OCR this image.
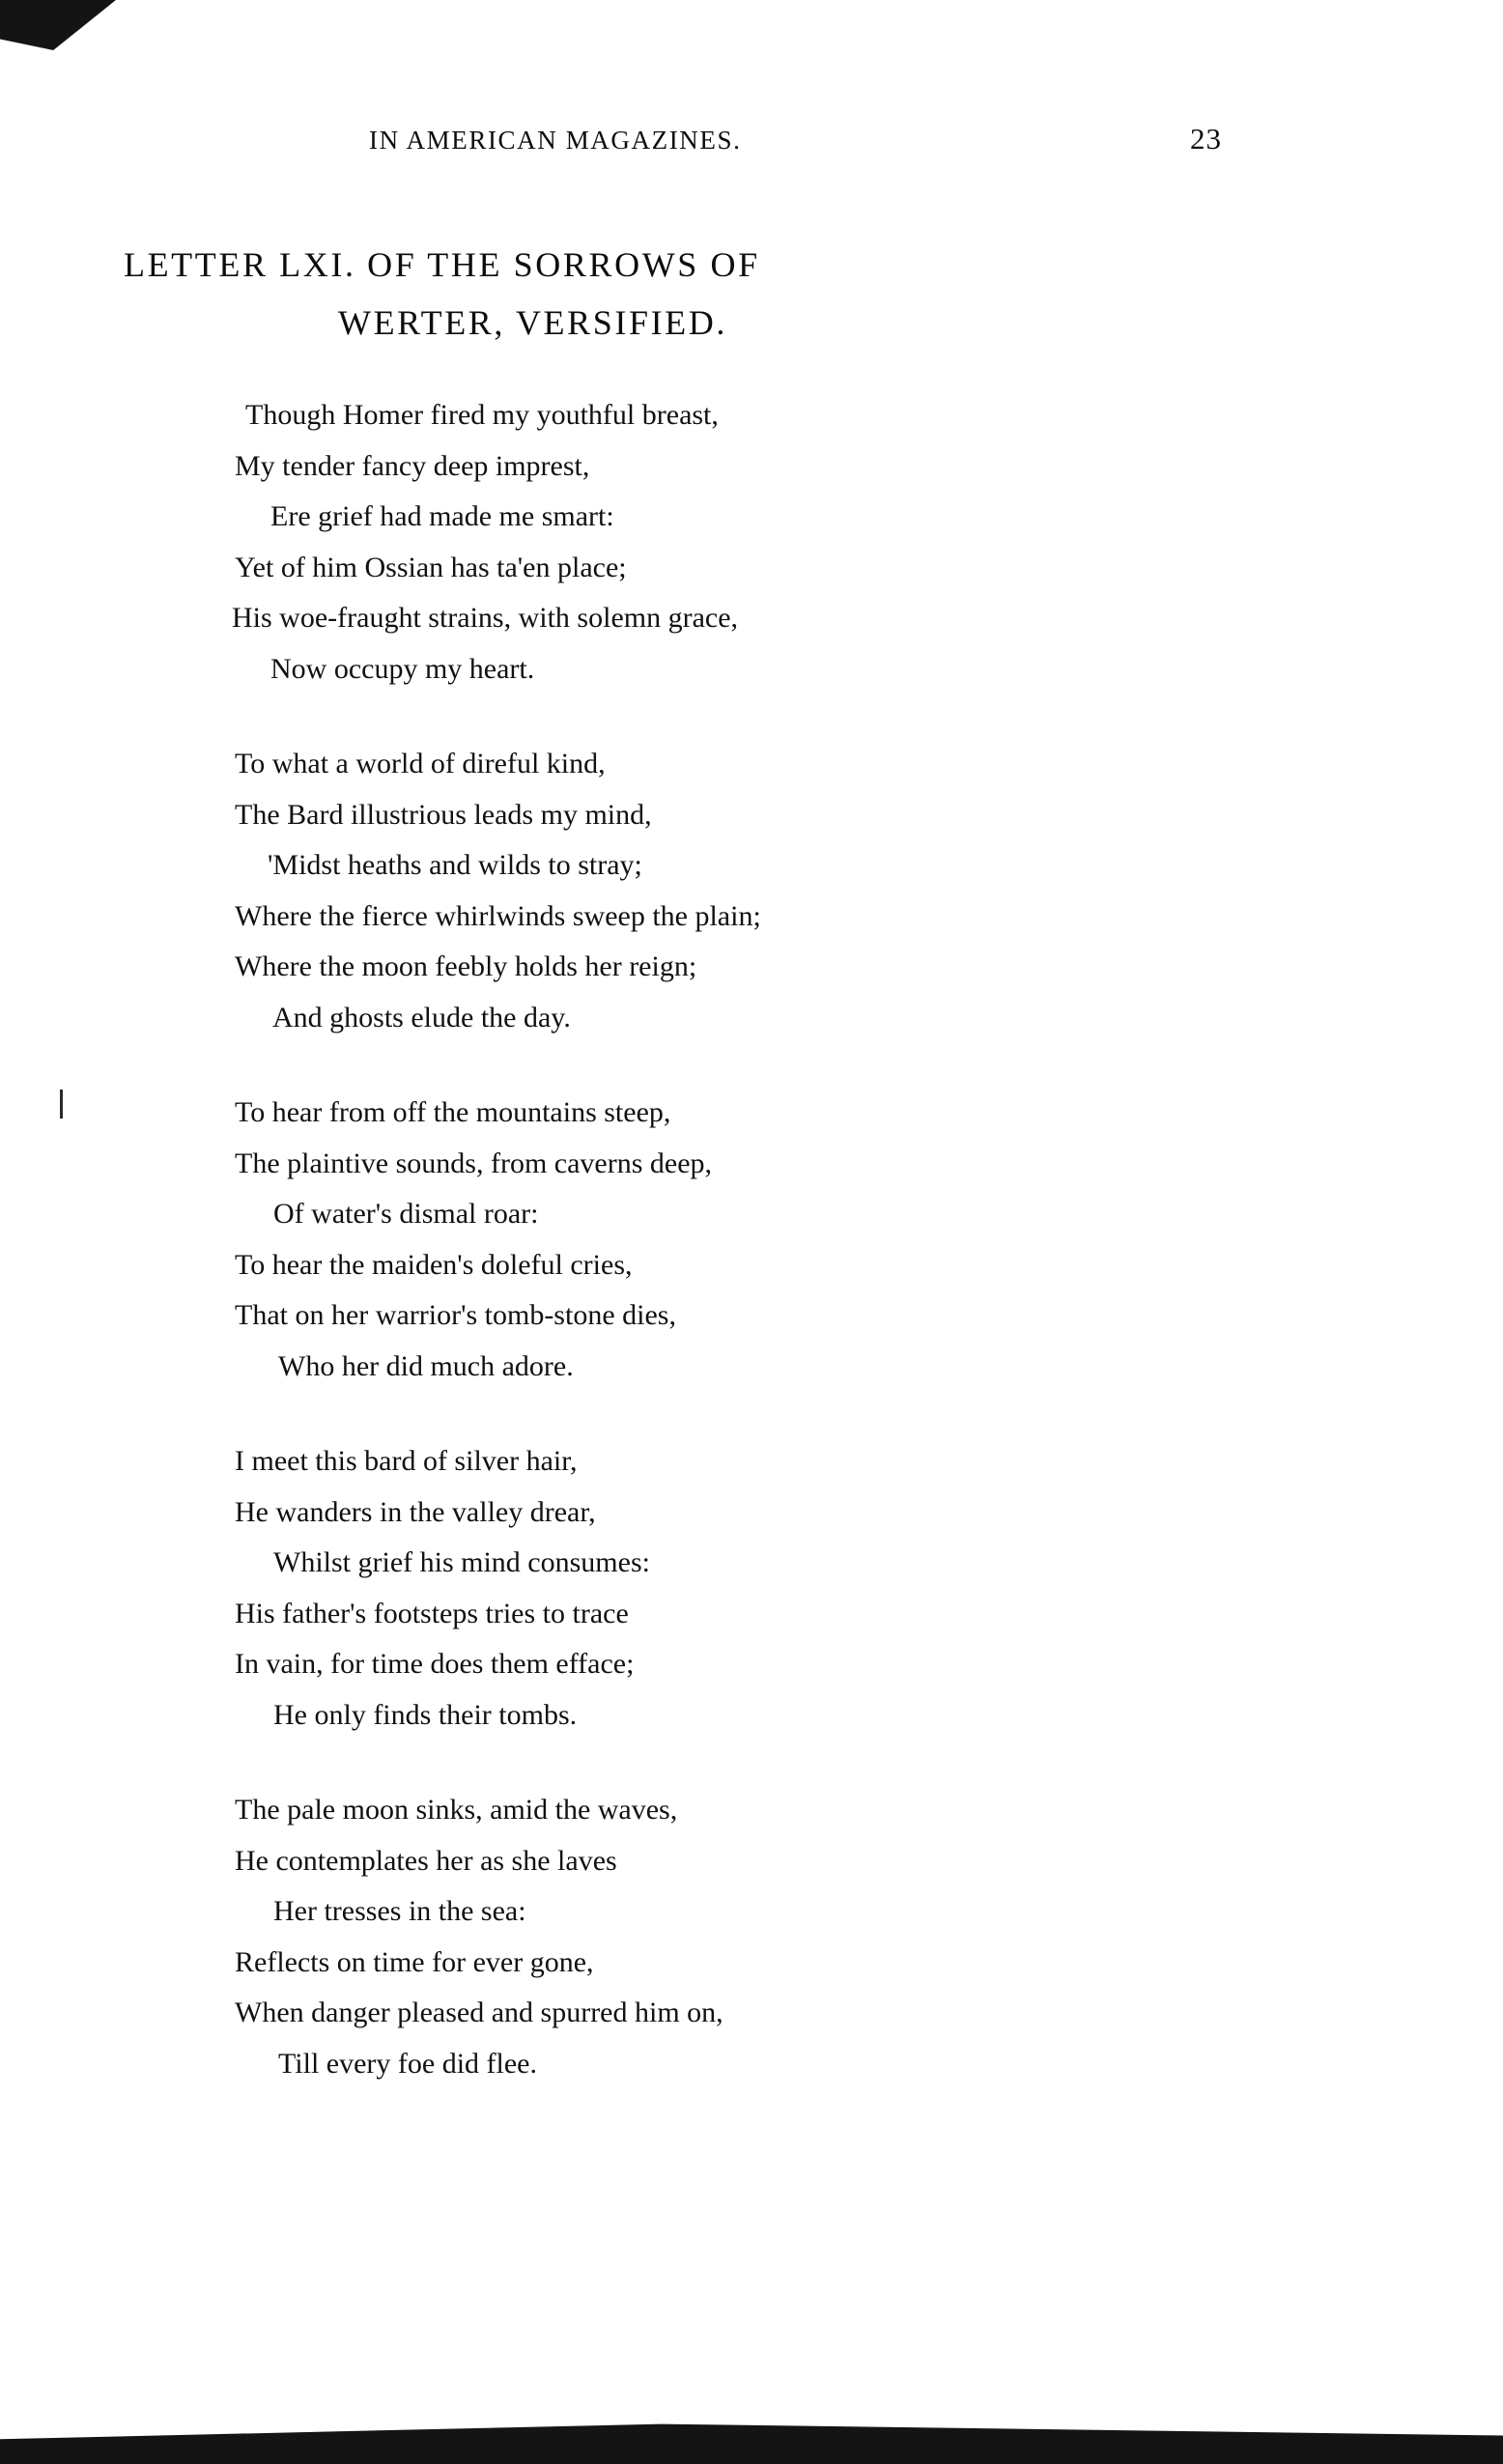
IN AMERICAN MAGAZINES.	23
LETTER LXI. OF THE SORROWS OF
WERTER, VERSIFIED.
Though Homer fired my youthful breast,
My tender fancy deep imprest,
Ere grief had made me smart:
Yet of him Ossian has ta'en place;
His woe-fraught strains, with solemn grace,
Now occupy my heart.
To what a world of direful kind,
The Bard illustrious leads my mind,
'Midst heaths and wilds to stray;
Where the fierce whirlwinds sweep the plain;
Where the moon feebly holds her reign;
And ghosts elude the day.
To hear from off the mountains steep,
The plaintive sounds, from caverns deep,
Of water's dismal roar:
To hear the maiden's doleful cries,
That on her warrior's tomb-stone dies,
Who her did much adore.
I meet this bard of silver hair,
He wanders in the valley drear,
Whilst grief his mind consumes:
His father's footsteps tries to trace
In vain, for time does them efface;
He only finds their tombs.
The pale moon sinks, amid the waves,
He contemplates her as she laves
Her tresses in the sea:
Reflects on time for ever gone,
When danger pleased and spurred him on,
Till every foe did flee.
